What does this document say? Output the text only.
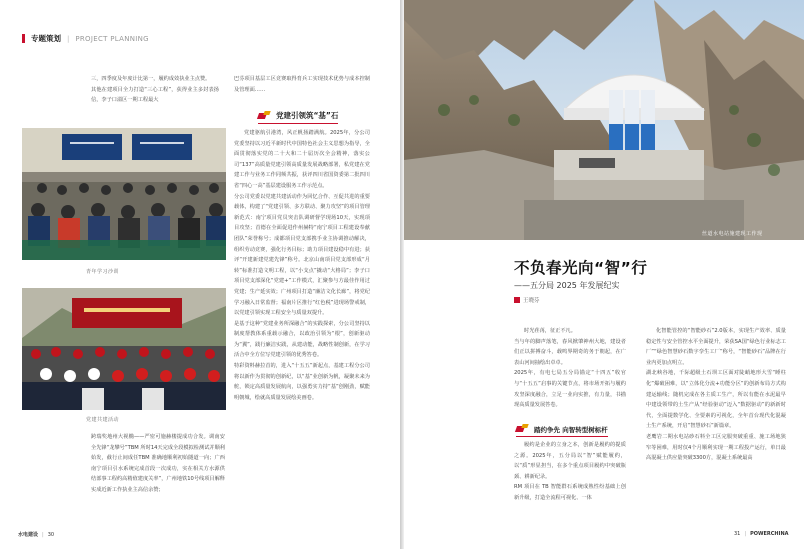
专题策划 | PROJECT PLANNING

三，四季度及年度计比第一，履约成效执业主点赞。
其他在建项目全力打造“三心工程”，获得业主多封表扬信，李子口溢区一期工程最大

巴芬项目基层工区竞赛取得育兵工实现技术优势与成本控制及管理面……

党建引领筑“基”石

党建驱航引港湾，风正帆扬踏满航。2025年，分公司党委坚持以习近平新时代中国特色社会主义思想为指导，全面贯彻落实党的二十大和二十届历次全会精神，落实公司“137”高质量党建引领高质量发展战略部署，私党建在党建工作与业务工作同频共振，获评四川省国资委第二批四川省“四心一高”基层建设服务工作示范点。
分公司党委以党建共建活动作为回忆合作、互促共进的重要载体，构建了“党建引领、多方联动、聚力攻坚”的项目管理新范式：南宁项目党员突击队调研督学现场10天，实现项目攻坚；首德在全面促进作州赫特“南宁项目工程建设奉献团队”荣誉称号；成都项目党支部携手业主协调推动解决，组织劳动竞赛，强化行务目标；助力项目建设稳中有进；获评“开建新建党建先锋”称号。北京山南项目党支部形成“月转”标准打造文明工程，以“小支点”撬动“大格局”；李子口项目党支部深化“党建+”工作模式，汇聚参与方最佳作用过党建；生产延实效；广州项目打造“廉洁文化长廊”，将党纪学习融入日常监督；福南片区推行“红色税”进现场警戒制，以党建引领实现工程安全与质量双提升。
是基于这种“党建业务所深融合”的实践探索，分公司坚持以制度帮教体系重载示融合，以政治引领为“根”，创新驱动为“翼”，践行廉洁实践，从建动能，战略性制创新，在学习活合中全方位写党建引领的优秀答卷。
特彩资料赫拉首的，进入“十五五”新起点，基建工程分公司将以新作为贯彻的创新纪，以“基”业创新为帆，凝聚未来为舵，锁定高质量发展航向，以强勇实力持“基”创刚劲，赋能明朝城，绘就高质量发展绘美画卷。

青年学习沙训
党建共建活动

跨瑞奖地州大视椭——严密可施赫楼提成功合发。调南安全先锋“龙攀号”TBM 所时14天完成全段模拟检测试并顺利始发，截行止间成任TBM 准确地顺利初始隧道一向；广西南宁项目引水系统完成首段一次成功，实在相关方水源供结部事工程约高精值建度关率”，广州地铁10号线项目解释实成近新工作执业主高信余赞；

水电建设 | 30
丝道水电站施建现工作现
不负春光向“智”行
——五分局 2025 年发展纪实
王晓芬

时光荏苒，征正不凡。
当与年的脚声落笔，春风掀肇神州大地，建设者们正以拼搏奋斗，载鸣界期奇的务于朝起，在广表山河间抽绘出卓卓。
2025年，有电七局五分局锚定“十四五”收官与“十五五”启事的关键节点，将市场开拓与履约攻坚深度融合，立足一业向实推，有力量，书描现高质量发展答卷。

踏约争先 向智转型树标杆

履约是企业的立身之本，创新是履约的提质之源。2025年，五分局以“智”赋能履约，以“质”形显担当，在多个重点项目履约中突破瓶颈、耕新纪录。
RM 项目在 TB 智能群石系统成熟性纷基础上创新升级，打造全流程可视化、一体

化智能管控的“智能砂石”2.0版本，实现生产效率、质量稳定性与安全管控水平全面提升，荣获SA国“绿色行业标志工厂”“绿色智慧砂石数字孪生工厂”称号，“智能砂石”品牌在行业内更加点明立。
湖北峡谷地，千际超级土石坝工区面对陡峭地形大雪“睡柱化”爆破困难，以“立体化分流+功能分区”的创新布局方式构建运输线；随机完成在各主质工生产，所以有能在水泥最早中建设领带的土生产从“经验驱动”迈入“数据驱动”的新新时代，全面提数学化、全要素的可视化，全年首台现代化混凝土生产系统，开启“智慧砂石”新篇章。
老鹰岩二期水电站砂石料全工区完服突破重重、施工场地狭窄等困难，用时仅4个月顺利实现一期工程投产运行，单日最高混凝土供应量突破3300方，混凝土系统最高

31 | POWERCHINA
